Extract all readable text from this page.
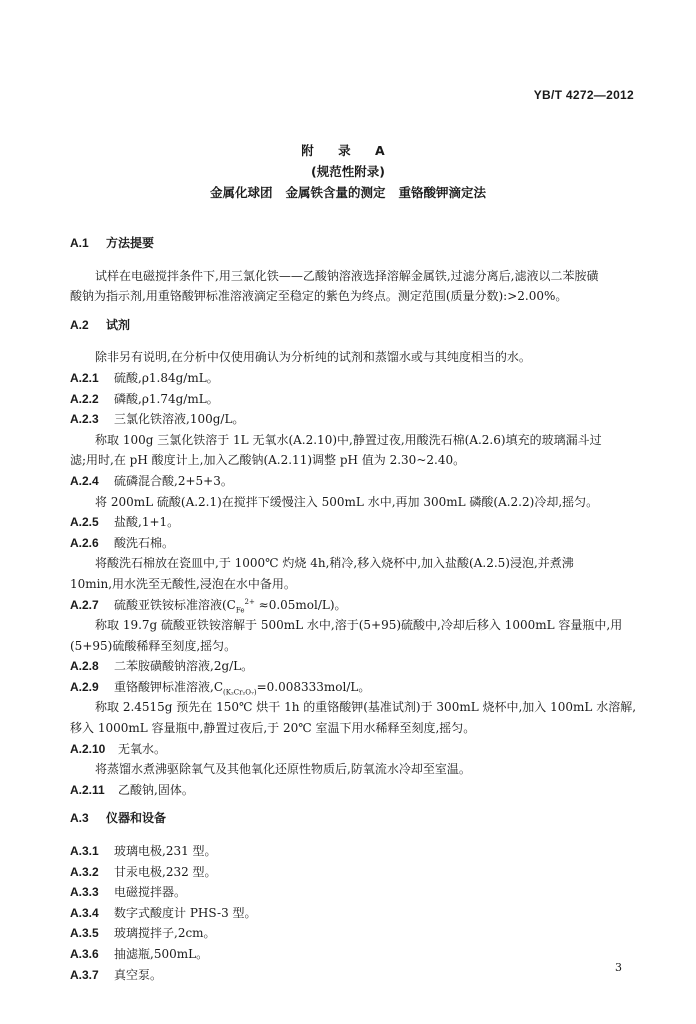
YB/T 4272—2012
附 录 A
(规范性附录)
金属化球团   金属铁含量的测定   重铬酸钾滴定法
A.1 方法提要
试样在电磁搅拌条件下,用三氯化铁——乙酸钠溶液选择溶解金属铁,过滤分离后,滤液以二苯胺磺
酸钠为指示剂,用重铬酸钾标准溶液滴定至稳定的紫色为终点。测定范围(质量分数):>2.00%。
A.2 试剂
除非另有说明,在分析中仅使用确认为分析纯的试剂和蒸馏水或与其纯度相当的水。
A.2.1 硫酸,ρ1.84g/mL。
A.2.2 磷酸,ρ1.74g/mL。
A.2.3 三氯化铁溶液,100g/L。
称取 100g 三氯化铁溶于 1L 无氧水(A.2.10)中,静置过夜,用酸洗石棉(A.2.6)填充的玻璃漏斗过
滤;用时,在 pH 酸度计上,加入乙酸钠(A.2.11)调整 pH 值为 2.30~2.40。
A.2.4 硫磷混合酸,2+5+3。
将 200mL 硫酸(A.2.1)在搅拌下缓慢注入 500mL 水中,再加 300mL 磷酸(A.2.2)冷却,摇匀。
A.2.5 盐酸,1+1。
A.2.6 酸洗石棉。
将酸洗石棉放在瓷皿中,于 1000℃ 灼烧 4h,稍冷,移入烧杯中,加入盐酸(A.2.5)浸泡,并煮沸
10min,用水洗至无酸性,浸泡在水中备用。
A.2.7 硫酸亚铁铵标准溶液$(C_{Fe}^{2+} \approx 0.05mol/L)$。
称取 19.7g 硫酸亚铁铵溶解于 500mL 水中,溶于(5+95)硫酸中,冷却后移入 1000mL 容量瓶中,用
(5+95)硫酸稀释至刻度,摇匀。
A.2.8 二苯胺磺酸钠溶液,2g/L。
A.2.9 重铬酸钾标准溶液$,C_{(K_2Cr_2O_7)}=0.008333mol/L$。
称取 2.4515g 预先在 150℃ 烘干 1h 的重铬酸钾(基准试剂)于 300mL 烧杯中,加入 100mL 水溶解,
移入 1000mL 容量瓶中,静置过夜后,于 20℃ 室温下用水稀释至刻度,摇匀。
A.2.10 无氧水。
将蒸馏水煮沸驱除氧气及其他氧化还原性物质后,防氧流水冷却至室温。
A.2.11 乙酸钠,固体。
A.3 仪器和设备
A.3.1 玻璃电极,231 型。
A.3.2 甘汞电极,232 型。
A.3.3 电磁搅拌器。
A.3.4 数字式酸度计 PHS-3 型。
A.3.5 玻璃搅拌子,2cm。
A.3.6 抽滤瓶,500mL。
A.3.7 真空泵。
3
